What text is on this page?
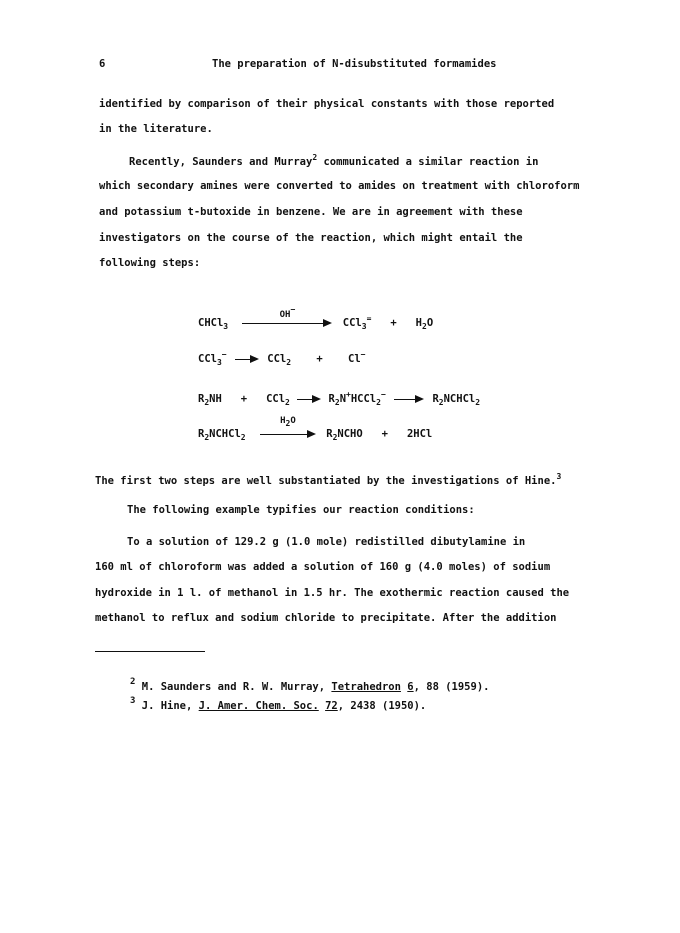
6	The preparation of N-disubstituted formamides
identified by comparison of their physical constants with those reported
in the literature.
Recently, Saunders and Murray$^2$ communicated a similar reaction in
which secondary amines were converted to amides on treatment with chloroform
and potassium t-butoxide in benzene. We are in agreement with these
investigators on the course of the reaction, which might entail the
following steps:
CHCl$_3$
OH−
$CCl_3^= + H_2O$
CCl$_3$−	CCl$_2$ + Cl−
$R_2NH + CCl_2$	$R_2N^+HCCl_2^-$	$R_2NCHCl_2$
$R_2NCHCl_2$
$H_2O$
$R_2NCHO + 2HCl$
The first two steps are well substantiated by the investigations of Hine.$^3$
The following example typifies our reaction conditions:
To a solution of 129.2 g (1.0 mole) redistilled dibutylamine in
160 ml of chloroform was added a solution of 160 g (4.0 moles) of sodium
hydroxide in 1 l. of methanol in 1.5 hr. The exothermic reaction caused the
methanol to reflux and sodium chloride to precipitate. After the addition
$^2$ M. Saunders and R. W. Murray, Tetrahedron 6, 88 (1959).
$^3$ J. Hine, J. Amer. Chem. Soc. 72, 2438 (1950).
